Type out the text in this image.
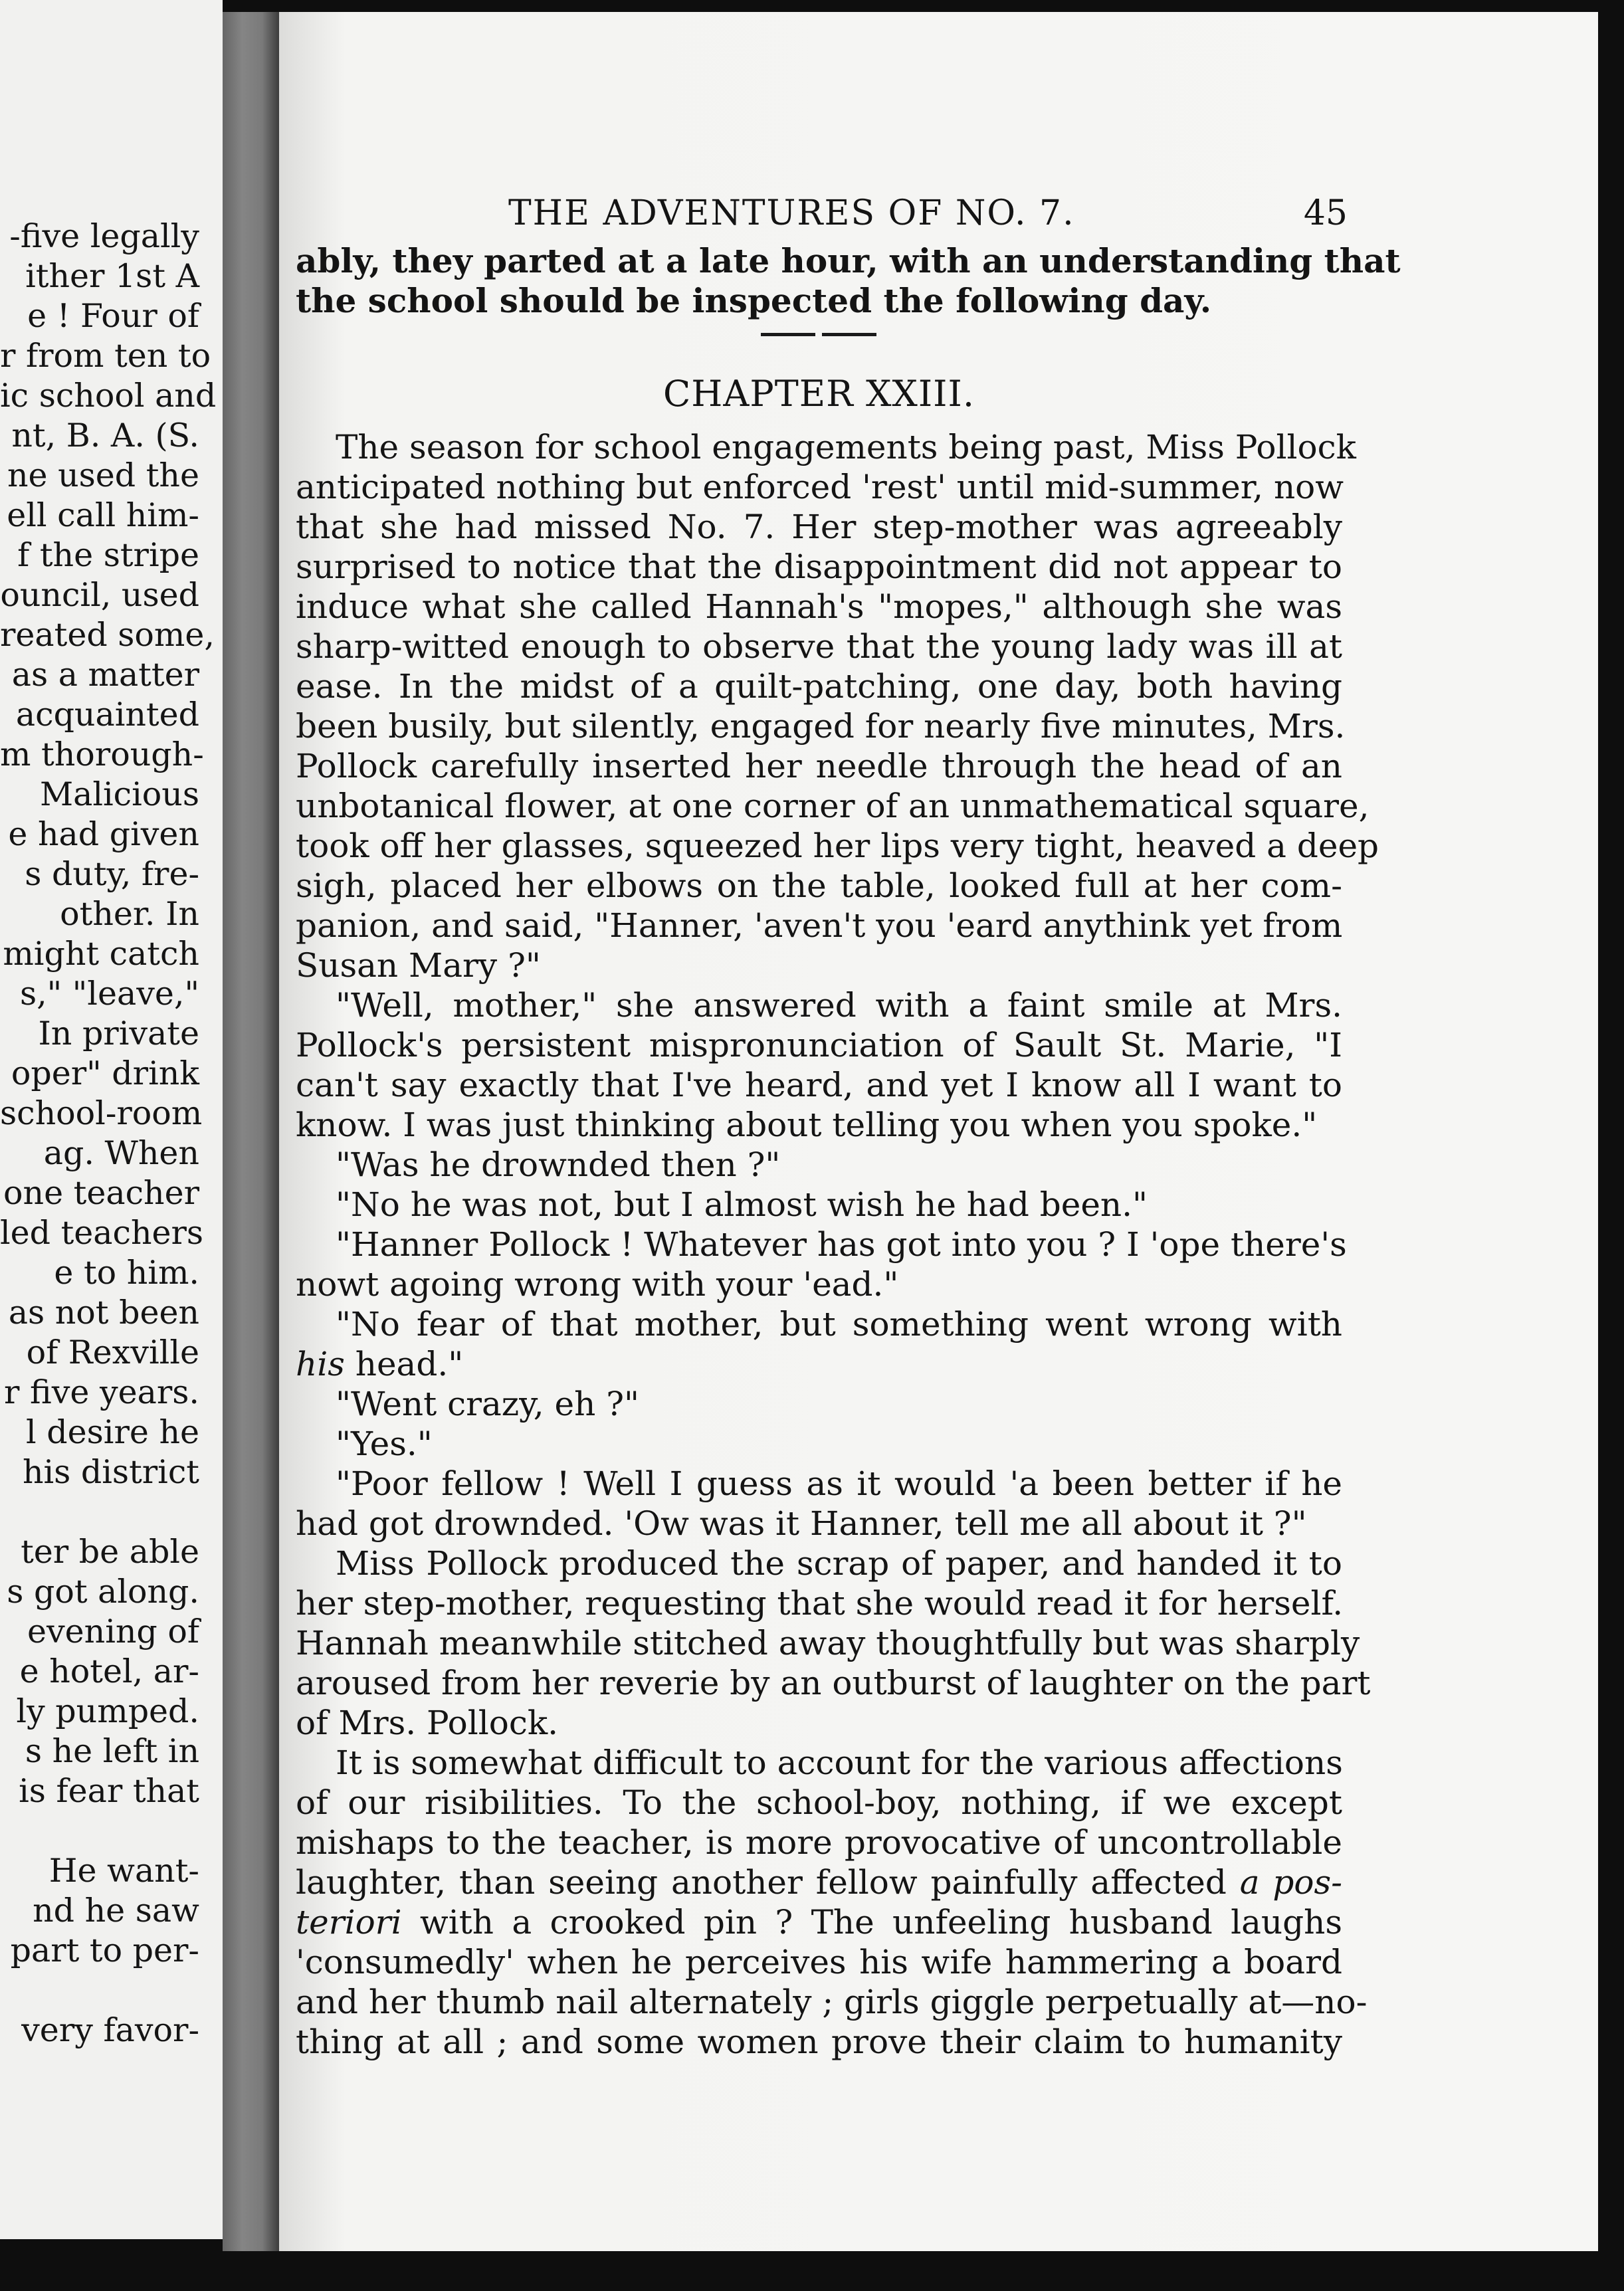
-five legally
ither 1st A
e ! Four of
r from ten to
ic school and
nt, B. A. (S.
ne used the
ell call him-
f the stripe
ouncil, used
reated some,
as a matter
acquainted
m thorough-
Malicious
e had given
s duty, fre-
other. In
might catch
s," "leave,"
In private
oper" drink
school-room
ag. When
one teacher
led teachers
e to him.
as not been
of Rexville
r five years.
l desire he
his district
ter be able
s got along.
evening of
e hotel, ar-
ly pumped.
s he left in
is fear that
He want-
nd he saw
part to per-
very favor-
THE ADVENTURES OF NO. 7.	45
ably, they parted at a late hour, with an understanding that
the school should be inspected the following day.
CHAPTER XXIII.
The season for school engagements being past, Miss Pollock
anticipated nothing but enforced 'rest' until mid-summer, now
that she had missed No. 7. Her step-mother was agreeably
surprised to notice that the disappointment did not appear to
induce what she called Hannah's "mopes," although she was
sharp-witted enough to observe that the young lady was ill at
ease. In the midst of a quilt-patching, one day, both having
been busily, but silently, engaged for nearly five minutes, Mrs.
Pollock carefully inserted her needle through the head of an
unbotanical flower, at one corner of an unmathematical square,
took off her glasses, squeezed her lips very tight, heaved a deep
sigh, placed her elbows on the table, looked full at her com-
panion, and said, "Hanner, 'aven't you 'eard anythink yet from
Susan Mary ?"
"Well, mother," she answered with a faint smile at Mrs.
Pollock's persistent mispronunciation of Sault St. Marie, "I
can't say exactly that I've heard, and yet I know all I want to
know. I was just thinking about telling you when you spoke."
"Was he drownded then ?"
"No he was not, but I almost wish he had been."
"Hanner Pollock ! Whatever has got into you ? I 'ope there's
nowt agoing wrong with your 'ead."
"No fear of that mother, but something went wrong with
his head."
"Went crazy, eh ?"
"Yes."
"Poor fellow ! Well I guess as it would 'a been better if he
had got drownded. 'Ow was it Hanner, tell me all about it ?"
Miss Pollock produced the scrap of paper, and handed it to
her step-mother, requesting that she would read it for herself.
Hannah meanwhile stitched away thoughtfully but was sharply
aroused from her reverie by an outburst of laughter on the part
of Mrs. Pollock.
It is somewhat difficult to account for the various affections
of our risibilities. To the school-boy, nothing, if we except
mishaps to the teacher, is more provocative of uncontrollable
laughter, than seeing another fellow painfully affected a pos-
teriori with a crooked pin ? The unfeeling husband laughs
'consumedly' when he perceives his wife hammering a board
and her thumb nail alternately ; girls giggle perpetually at—no-
thing at all ; and some women prove their claim to humanity
